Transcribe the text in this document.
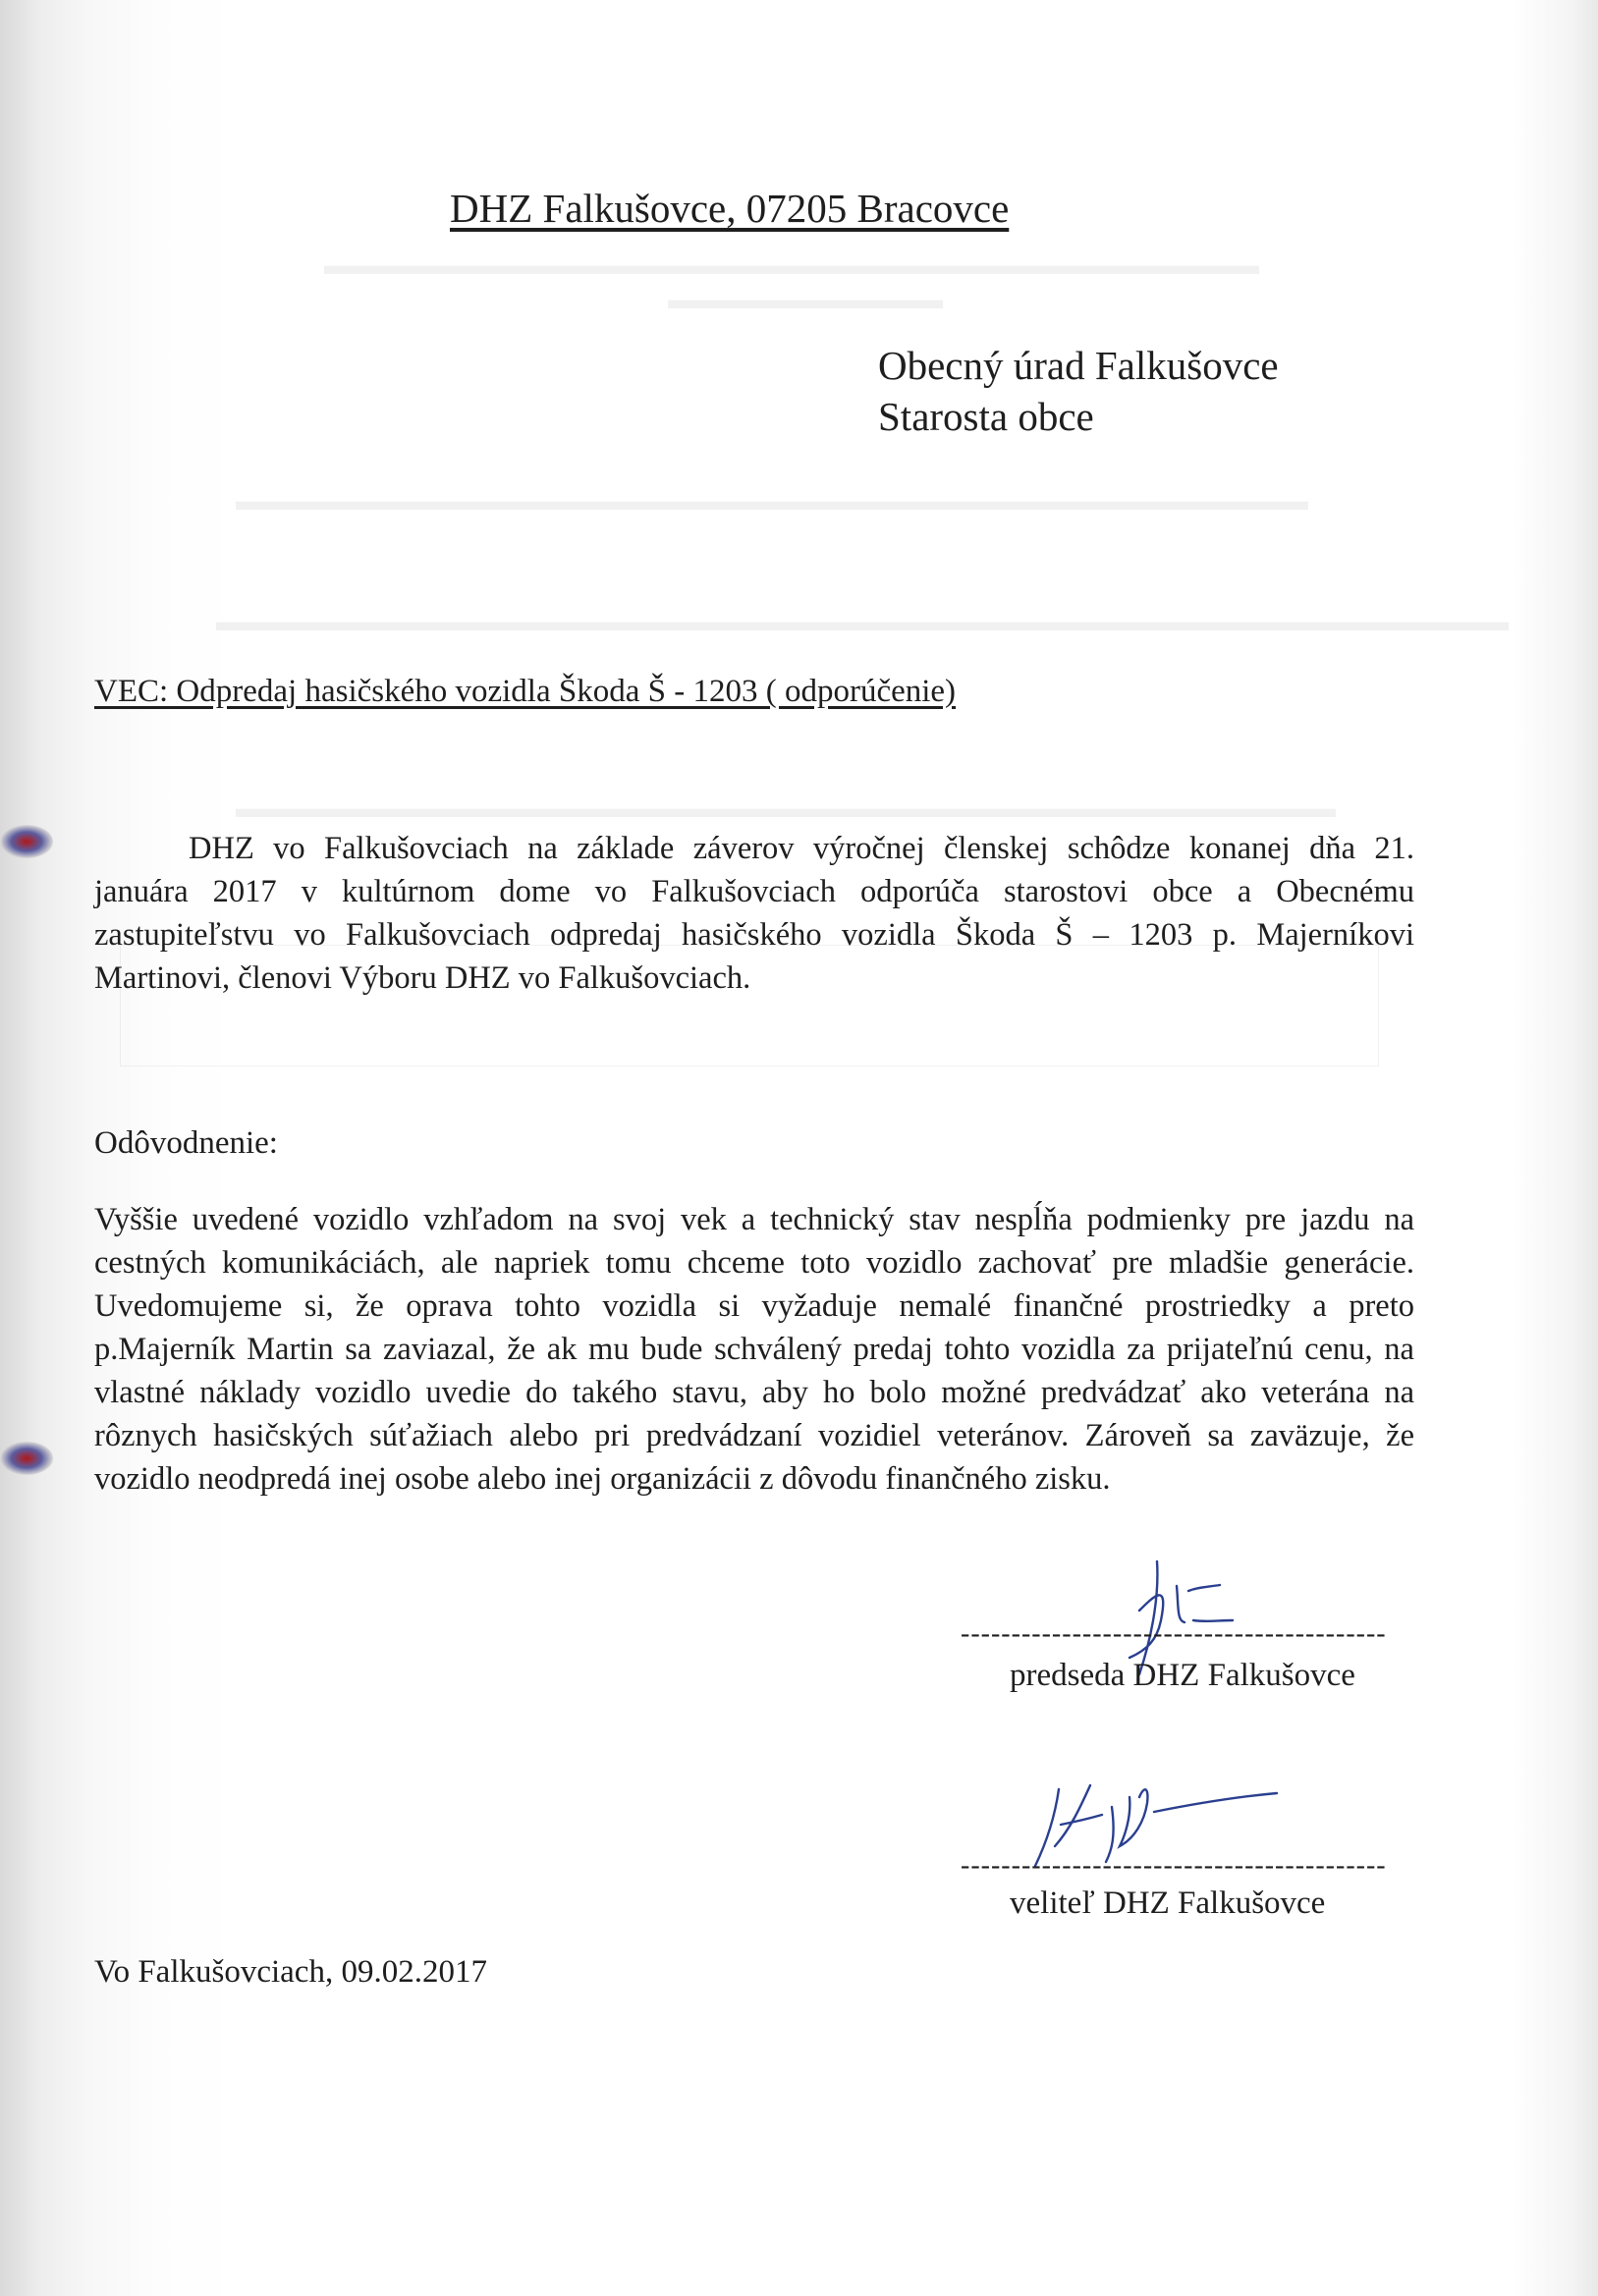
▬▬▬▬▬▬▬▬▬▬▬▬▬▬▬▬▬▬▬▬▬▬▬▬▬▬▬▬▬▬▬▬▬▬
▬▬▬▬▬▬▬▬▬▬
▬▬▬▬▬▬▬▬▬▬▬▬▬▬▬▬▬▬▬▬▬▬▬▬▬▬▬▬▬▬▬▬▬▬▬▬▬▬▬
▬▬▬▬▬▬▬▬▬▬▬▬▬▬▬▬▬▬▬▬▬▬▬▬▬▬▬▬▬▬▬▬▬▬▬▬▬▬▬▬▬▬▬▬▬▬▬
▬▬▬▬▬▬▬▬▬▬▬▬▬▬▬▬▬▬▬▬▬▬▬▬▬▬▬▬▬▬▬▬▬▬▬▬▬▬▬▬
DHZ Falkušovce, 07205 Bracovce
Obecný úrad Falkušovce
Starosta obce
VEC: Odpredaj hasičského vozidla Škoda Š - 1203 ( odporúčenie)
DHZ vo Falkušovciach na základe záverov výročnej členskej schôdze konanej dňa 21.
januára 2017 v kultúrnom dome vo Falkušovciach odporúča starostovi obce a Obecnému
zastupiteľstvu vo Falkušovciach odpredaj hasičského vozidla Škoda Š – 1203 p. Majerníkovi
Martinovi, členovi Výboru DHZ vo Falkušovciach.
Odôvodnenie:
Vyššie uvedené vozidlo vzhľadom na svoj vek a technický stav nespĺňa podmienky pre jazdu na
cestných komunikáciách, ale napriek tomu chceme toto vozidlo zachovať pre mladšie generácie.
Uvedomujeme si, že oprava tohto vozidla si vyžaduje nemalé finančné prostriedky a preto
p.Majerník Martin sa zaviazal, že ak mu bude schválený predaj tohto vozidla za prijateľnú cenu, na
vlastné náklady vozidlo uvedie do takého stavu, aby ho bolo možné predvádzať ako veterána na
rôznych hasičských súťažiach alebo pri predvádzaní vozidiel veteránov. Zároveň sa zaväzuje, že
vozidlo neodpredá inej osobe alebo inej organizácii z dôvodu finančného zisku.
------------------------------------------
predseda DHZ Falkušovce
------------------------------------------
veliteľ DHZ Falkušovce
Vo Falkušovciach, 09.02.2017
